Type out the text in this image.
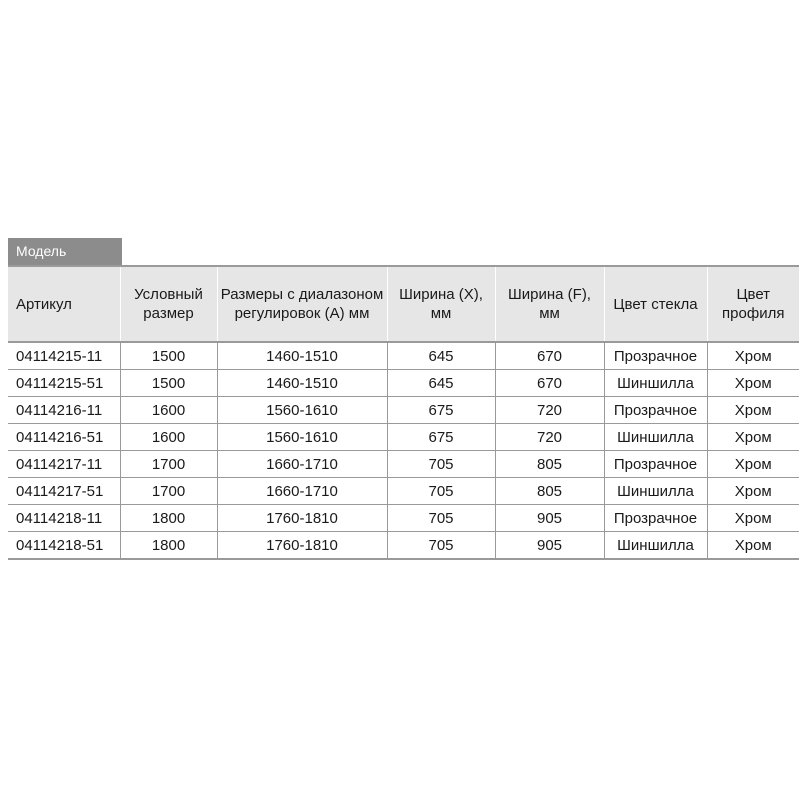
Модель
Артикул	Условный размер	Размеры с диалазоном регулировок (А) мм	Ширина (Х), мм	Ширина (F), мм	Цвет стекла	Цвет профиля
04114215-11	1500	1460-1510	645	670	Прозрачное	Хром
04114215-51	1500	1460-1510	645	670	Шиншилла	Хром
04114216-11	1600	1560-1610	675	720	Прозрачное	Хром
04114216-51	1600	1560-1610	675	720	Шиншилла	Хром
04114217-11	1700	1660-1710	705	805	Прозрачное	Хром
04114217-51	1700	1660-1710	705	805	Шиншилла	Хром
04114218-11	1800	1760-1810	705	905	Прозрачное	Хром
04114218-51	1800	1760-1810	705	905	Шиншилла	Хром
